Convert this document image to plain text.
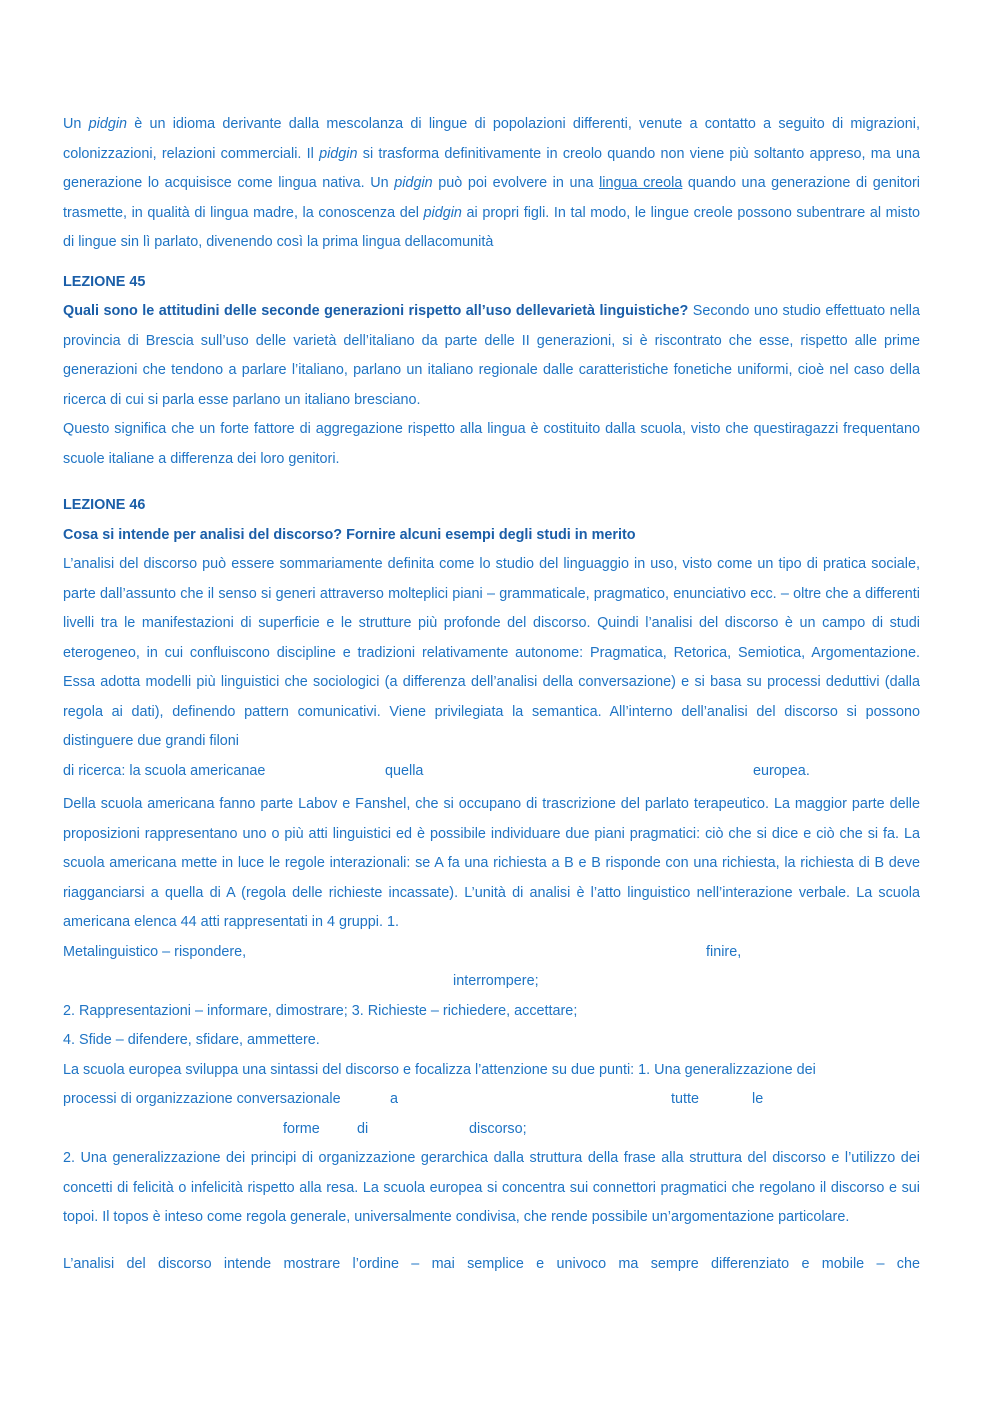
Un pidgin è un idioma derivante dalla mescolanza di lingue di popolazioni differenti, venute a contatto a seguito di migrazioni, colonizzazioni, relazioni commerciali. Il pidgin si trasforma definitivamente in creolo quando non viene più soltanto appreso, ma una generazione lo acquisisce come lingua nativa. Un pidgin può poi evolvere in una lingua creola quando una generazione di genitori trasmette, in qualità di lingua madre, la conoscenza del pidgin ai propri figli. In tal modo, le lingue creole possono subentrare al misto di lingue sin lì parlato, divenendo così la prima lingua dellacomunità

LEZIONE 45

Quali sono le attitudini delle seconde generazioni rispetto all’uso dellevarietà linguistiche? Secondo uno studio effettuato nella provincia di Brescia sull’uso delle varietà dell’italiano da parte delle II generazioni, si è riscontrato che esse, rispetto alle prime generazioni che tendono a parlare l’italiano, parlano un italiano regionale dalle caratteristiche fonetiche uniformi, cioè nel caso della ricerca di cui si parla esse parlano un italiano bresciano.

Questo significa che un forte fattore di aggregazione rispetto alla lingua è costituito dalla scuola, visto che questiragazzi frequentano scuole italiane a differenza dei loro genitori.

LEZIONE 46

Cosa si intende per analisi del discorso? Fornire alcuni esempi degli studi in merito

L’analisi del discorso può essere sommariamente definita come lo studio del linguaggio in uso, visto come un tipo di pratica sociale, parte dall’assunto che il senso si generi attraverso molteplici piani – grammaticale, pragmatico, enunciativo ecc. – oltre che a differenti livelli tra le manifestazioni di superficie e le strutture più profonde del discorso. Quindi l’analisi del discorso è un campo di studi eterogeneo, in cui confluiscono discipline e tradizioni relativamente autonome: Pragmatica, Retorica, Semiotica, Argomentazione. Essa adotta modelli più linguistici che sociologici (a differenza dell’analisi della conversazione) e si basa su processi deduttivi (dalla regola ai dati), definendo pattern comunicativi. Viene privilegiata la semantica. All’interno dell’analisi del discorso si possono distinguere due grandi filoni

di ricerca: la scuola americanae	quella	europea.

Della scuola americana fanno parte Labov e Fanshel, che si occupano di trascrizione del parlato terapeutico. La maggior parte delle proposizioni rappresentano uno o più atti linguistici ed è possibile individuare due piani pragmatici: ciò che si dice e ciò che si fa. La scuola americana mette in luce le regole interazionali: se A fa una richiesta a B e B risponde con una richiesta, la richiesta di B deve riagganciarsi a quella di A (regola delle richieste incassate). L’unità di analisi è l’atto linguistico nell’interazione verbale. La scuola americana elenca 44 atti rappresentati in 4 gruppi. 1.

Metalinguistico – rispondere,	finire,
interrompere;

2. Rappresentazioni – informare, dimostrare; 3. Richieste – richiedere, accettare;

4. Sfide – difendere, sfidare, ammettere.

La scuola europea sviluppa una sintassi del discorso e focalizza l’attenzione su due punti: 1. Una generalizzazione dei

processi di organizzazione conversazionale	a	tutte	le
forme	di	discorso;

2. Una generalizzazione dei principi di organizzazione gerarchica dalla struttura della frase alla struttura del discorso e l’utilizzo dei concetti di felicità o infelicità rispetto alla resa. La scuola europea si concentra sui connettori pragmatici che regolano il discorso e sui topoi. Il topos è inteso come regola generale, universalmente condivisa, che rende possibile un’argomentazione particolare.

L’analisi del discorso intende mostrare l’ordine – mai semplice e univoco ma sempre differenziato e mobile – che
